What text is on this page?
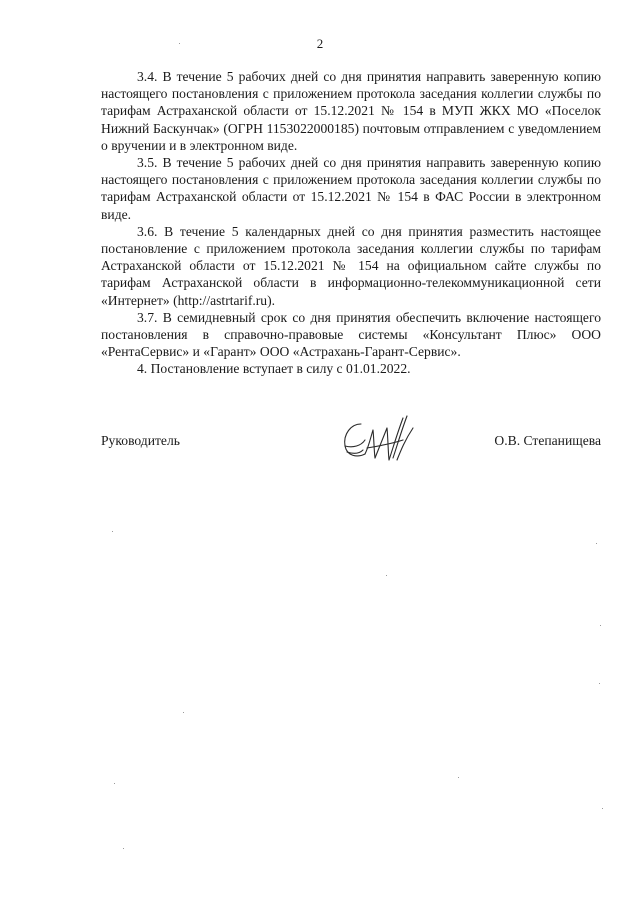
2

3.4. В течение 5 рабочих дней со дня принятия направить заверенную копию настоящего постановления с приложением протокола заседания коллегии службы по тарифам Астраханской области от 15.12.2021 № 154 в МУП ЖКХ МО «Поселок Нижний Баскунчак» (ОГРН 1153022000185) почтовым отправлением с уведомлением о вручении и в электронном виде.

3.5. В течение 5 рабочих дней со дня принятия направить заверенную копию настоящего постановления с приложением протокола заседания коллегии службы по тарифам Астраханской области от 15.12.2021 № 154 в ФАС России в электронном виде.

3.6. В течение 5 календарных дней со дня принятия разместить настоящее постановление с приложением протокола заседания коллегии службы по тарифам Астраханской области от 15.12.2021 № 154 на официальном сайте службы по тарифам Астраханской области в информационно-телекоммуникационной сети «Интернет» (http://astrtarif.ru).

3.7. В семидневный срок со дня принятия обеспечить включение настоящего постановления в справочно-правовые системы «Консультант Плюс» ООО «РентаСервис» и «Гарант» ООО «Астрахань-Гарант-Сервис».

4. Постановление вступает в силу с 01.01.2022.

Руководитель	О.В. Степанищева
